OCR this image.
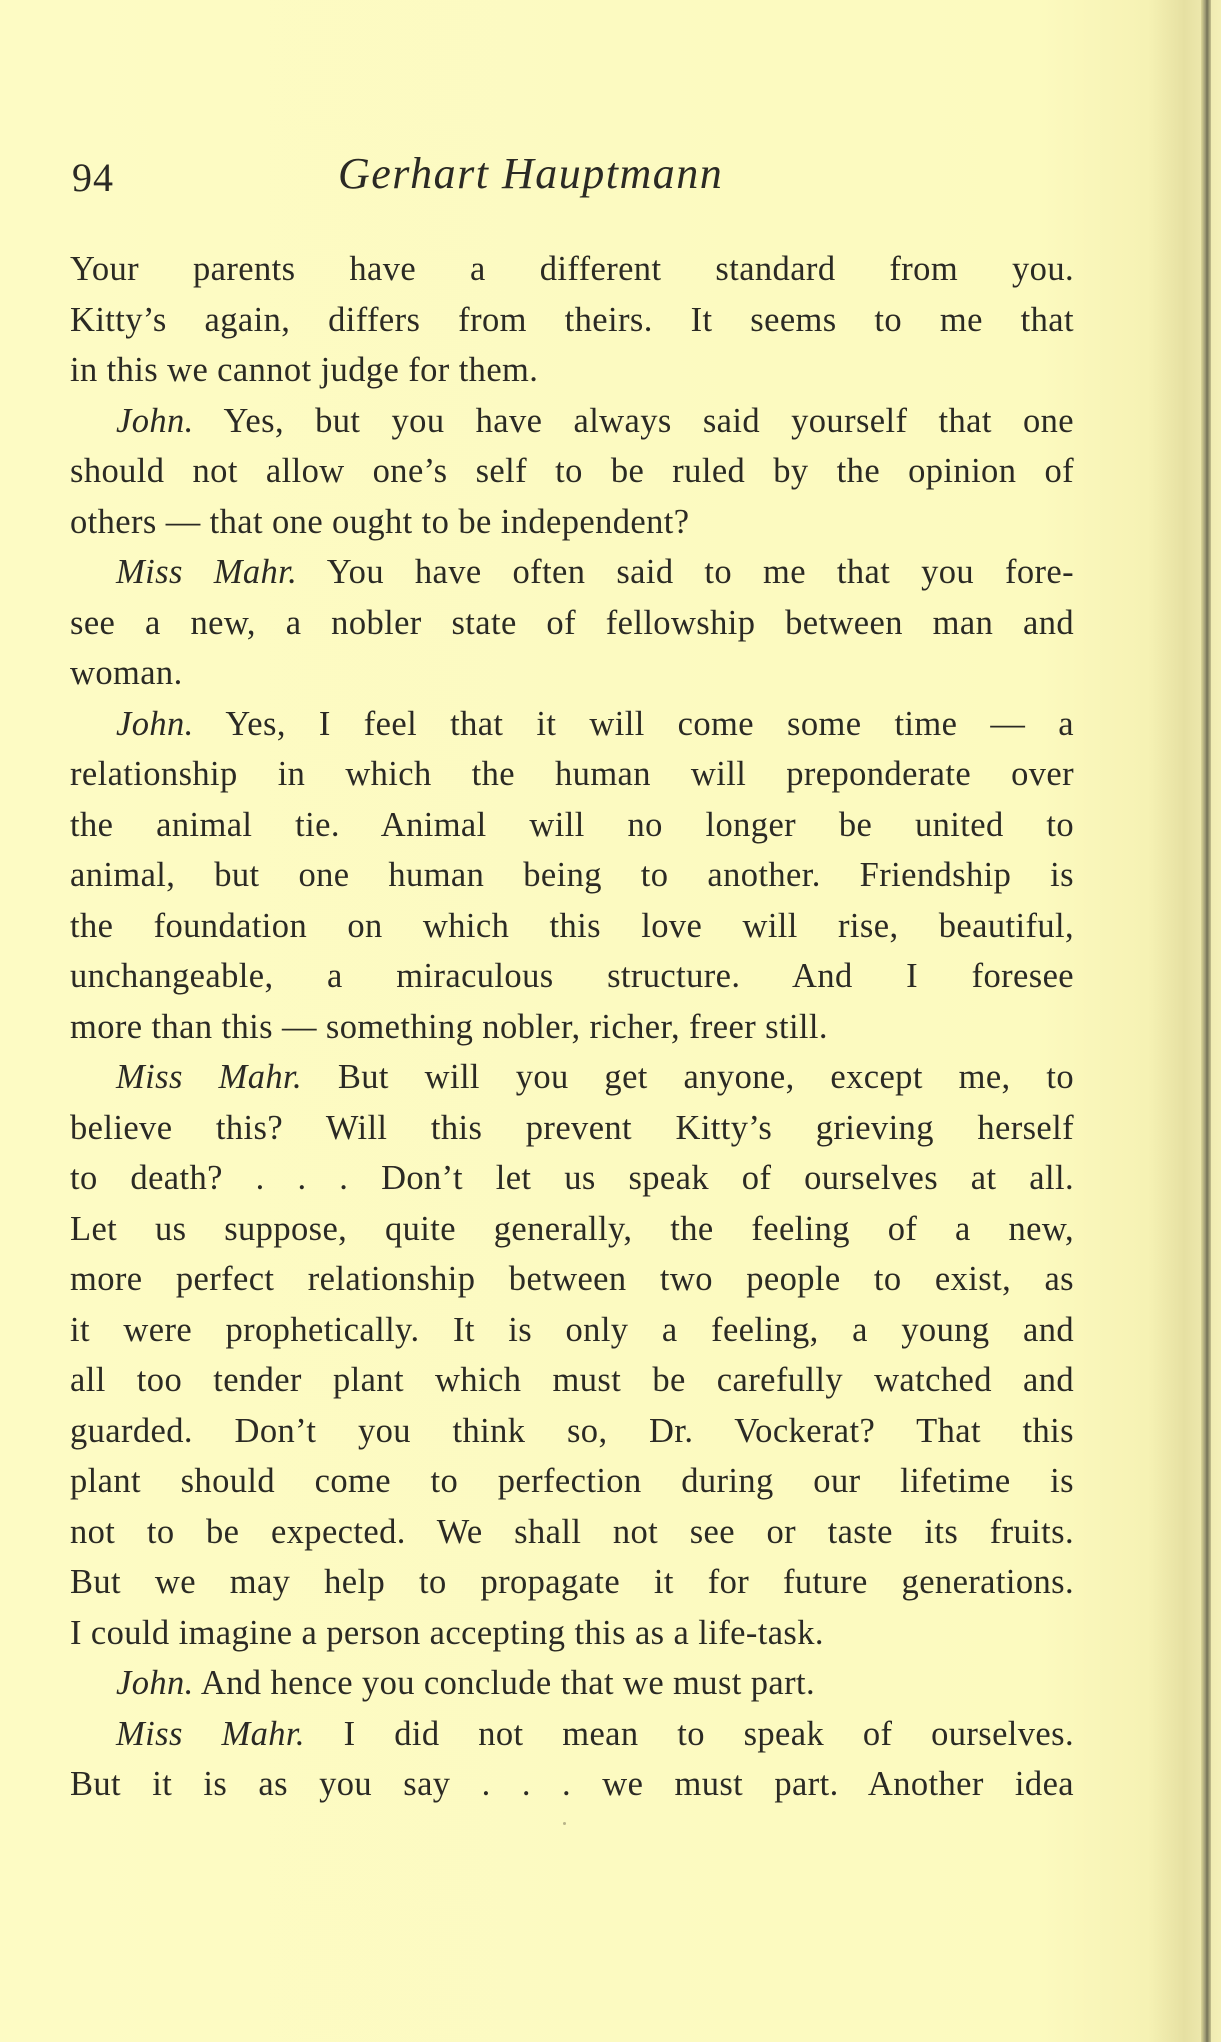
94	Gerhart Hauptmann
Your parents have a different standard from you.
Kitty’s again, differs from theirs. It seems to me that
in this we cannot judge for them.
John. Yes, but you have always said yourself that one
should not allow one’s self to be ruled by the opinion of
others — that one ought to be independent?
Miss Mahr. You have often said to me that you fore-
see a new, a nobler state of fellowship between man and
woman.
John. Yes, I feel that it will come some time — a
relationship in which the human will preponderate over
the animal tie. Animal will no longer be united to
animal, but one human being to another. Friendship is
the foundation on which this love will rise, beautiful,
unchangeable, a miraculous structure. And I foresee
more than this — something nobler, richer, freer still.
Miss Mahr. But will you get anyone, except me, to
believe this? Will this prevent Kitty’s grieving herself
to death? . . . Don’t let us speak of ourselves at all.
Let us suppose, quite generally, the feeling of a new,
more perfect relationship between two people to exist, as
it were prophetically. It is only a feeling, a young and
all too tender plant which must be carefully watched and
guarded. Don’t you think so, Dr. Vockerat? That this
plant should come to perfection during our lifetime is
not to be expected. We shall not see or taste its fruits.
But we may help to propagate it for future generations.
I could imagine a person accepting this as a life-task.
John. And hence you conclude that we must part.
Miss Mahr. I did not mean to speak of ourselves.
But it is as you say . . . we must part. Another idea
